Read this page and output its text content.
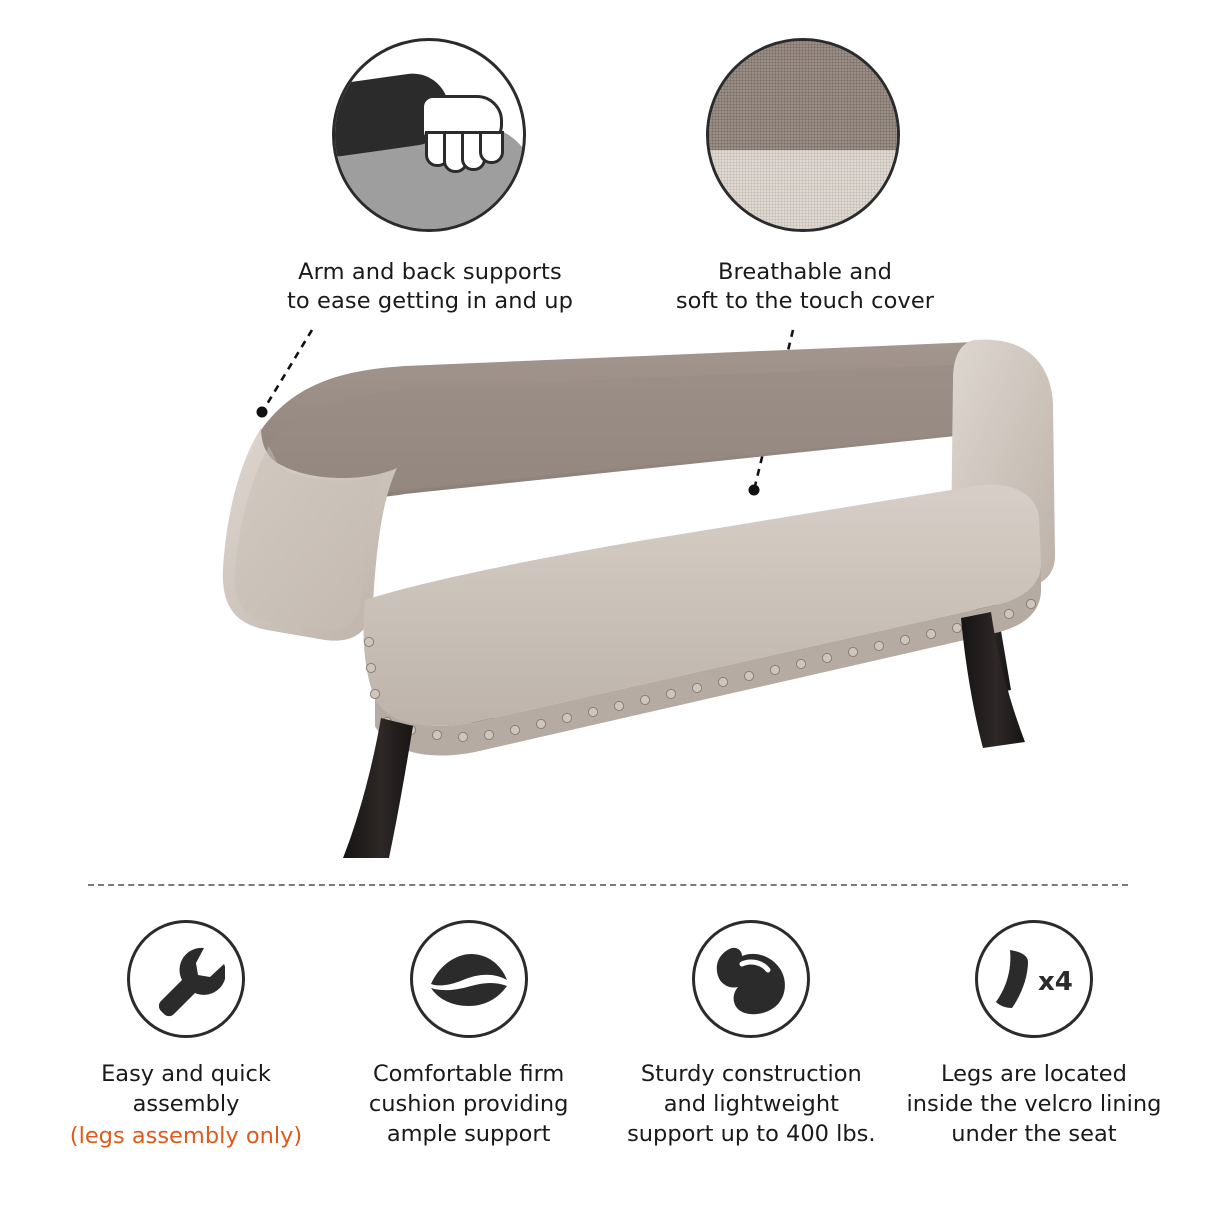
Arm and back supports
to ease getting in and up
Breathable and
soft to the touch cover
Easy and quick
assembly
(legs assembly only)
Comfortable firm
cushion providing
ample support
Sturdy construction
and lightweight
support up to 400 lbs.
x4
Legs are located
inside the velcro lining
under the seat
